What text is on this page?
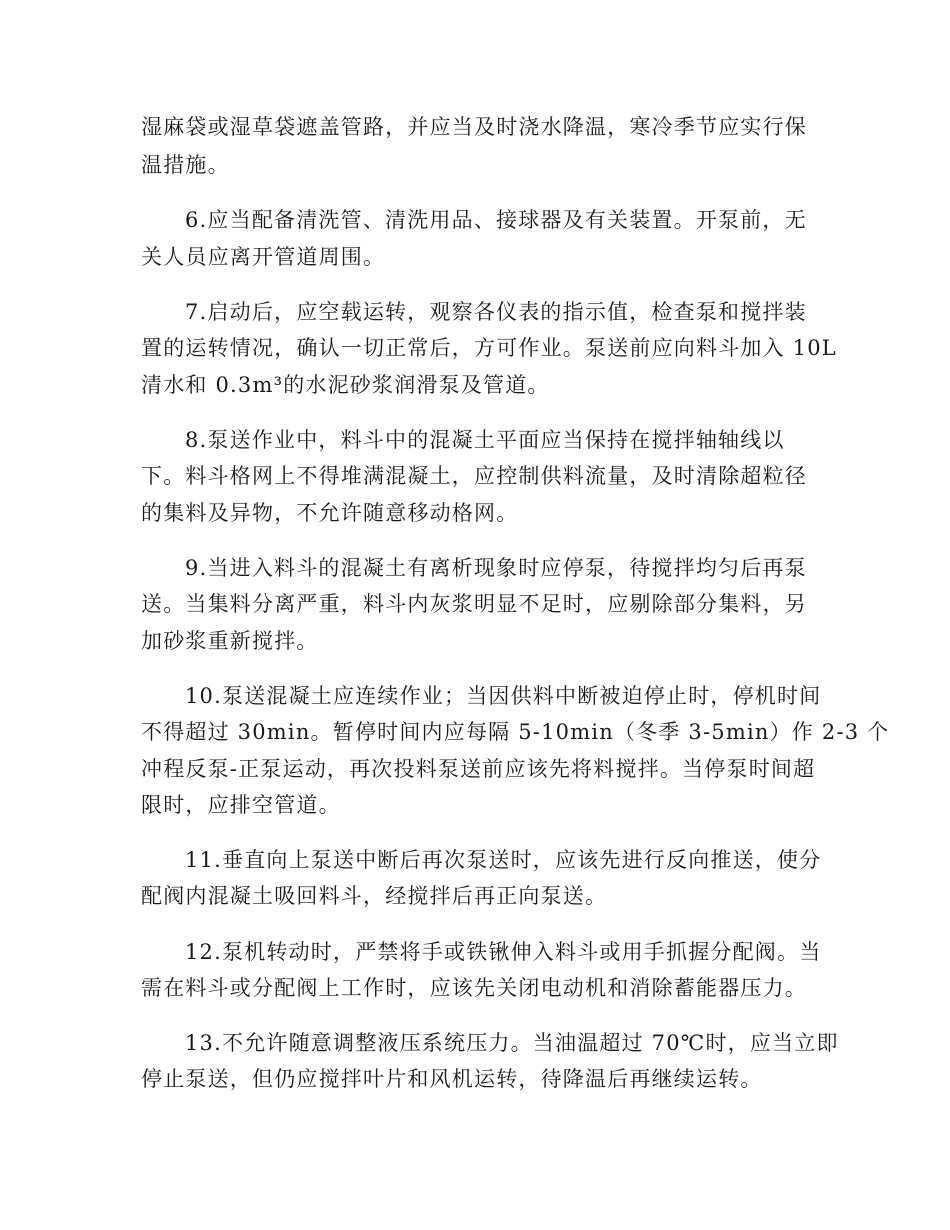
湿麻袋或湿草袋遮盖管路，并应当及时浇水降温，寒冷季节应实行保
温措施。
6.应当配备清洗管、清洗用品、接球器及有关装置。开泵前，无
关人员应离开管道周围。
7.启动后，应空载运转，观察各仪表的指示值，检查泵和搅拌装
置的运转情况，确认一切正常后，方可作业。泵送前应向料斗加入 10L
清水和 0.3m³的水泥砂浆润滑泵及管道。
8.泵送作业中，料斗中的混凝土平面应当保持在搅拌轴轴线以
下。料斗格网上不得堆满混凝土，应控制供料流量，及时清除超粒径
的集料及异物，不允许随意移动格网。
9.当进入料斗的混凝土有离析现象时应停泵，待搅拌均匀后再泵
送。当集料分离严重，料斗内灰浆明显不足时，应剔除部分集料，另
加砂浆重新搅拌。
10.泵送混凝土应连续作业；当因供料中断被迫停止时，停机时间
不得超过 30min。暂停时间内应每隔 5-10min（冬季 3-5min）作 2-3 个
冲程反泵-正泵运动，再次投料泵送前应该先将料搅拌。当停泵时间超
限时，应排空管道。
11.垂直向上泵送中断后再次泵送时，应该先进行反向推送，使分
配阀内混凝土吸回料斗，经搅拌后再正向泵送。
12.泵机转动时，严禁将手或铁锹伸入料斗或用手抓握分配阀。当
需在料斗或分配阀上工作时，应该先关闭电动机和消除蓄能器压力。
13.不允许随意调整液压系统压力。当油温超过 70℃时，应当立即
停止泵送，但仍应搅拌叶片和风机运转，待降温后再继续运转。
